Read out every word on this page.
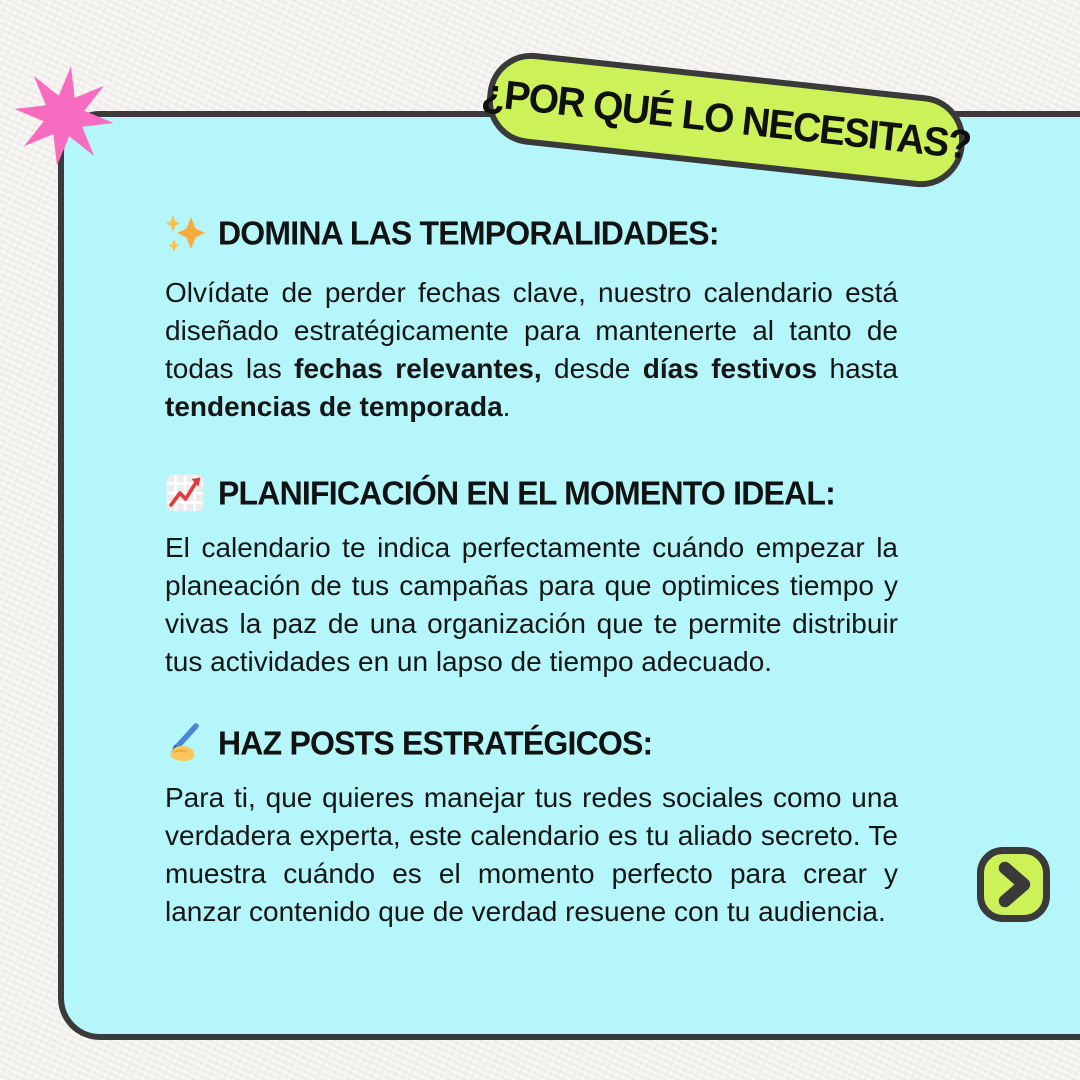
¿POR QUÉ LO NECESITAS?
DOMINA LAS TEMPORALIDADES:

Olvídate de perder fechas clave, nuestro calendario está diseñado estratégicamente para mantenerte al tanto de todas las fechas relevantes, desde días festivos hasta tendencias de temporada.

PLANIFICACIÓN EN EL MOMENTO IDEAL:

El calendario te indica perfectamente cuándo empezar la planeación de tus campañas para que optimices tiempo y vivas la paz de una organización que te permite distribuir tus actividades en un lapso de tiempo adecuado.

HAZ POSTS ESTRATÉGICOS:

Para ti, que quieres manejar tus redes sociales como una verdadera experta, este calendario es tu aliado secreto. Te muestra cuándo es el momento perfecto para crear y lanzar contenido que de verdad resuene con tu audiencia.
